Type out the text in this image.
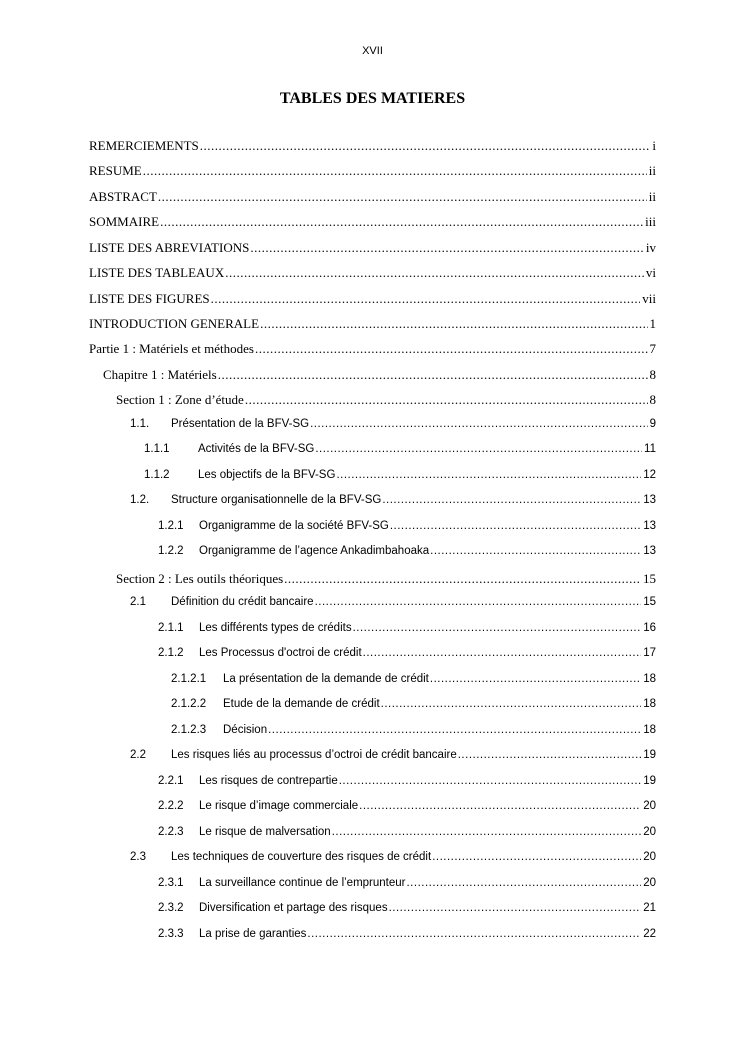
XVII
TABLES DES MATIERES
REMERCIEMENTS .....	i
RESUME .....	ii
ABSTRACT .....	ii
SOMMAIRE .....	iii
LISTE DES ABREVIATIONS .....	iv
LISTE DES TABLEAUX .....	vi
LISTE DES FIGURES .....	vii
INTRODUCTION GENERALE .....	1
Partie 1 : Matériels et méthodes .....	7
Chapitre 1 : Matériels .....	8
Section 1 : Zone d’étude .....	8
1.1.	Présentation de la BFV-SG .....	9
1.1.1	Activités de la BFV-SG .....	11
1.1.2	Les objectifs de la BFV-SG .....	12
1.2.	Structure organisationnelle de la BFV-SG .....	13
1.2.1	Organigramme de la société BFV-SG .....	13
1.2.2	Organigramme de l’agence Ankadimbahoaka .....	13
Section 2 : Les outils théoriques .....	15
2.1	Définition du crédit bancaire .....	15
2.1.1	Les différents types de crédits .....	16
2.1.2	Les Processus d'octroi de crédit .....	17
2.1.2.1	La présentation de la demande de crédit .....	18
2.1.2.2	Etude de la demande de crédit .....	18
2.1.2.3	Décision .....	18
2.2	Les risques liés au processus d’octroi de crédit bancaire .....	19
2.2.1	Les risques de contrepartie .....	19
2.2.2	Le risque d’image commerciale .....	20
2.2.3	Le risque de malversation .....	20
2.3	Les techniques de couverture des risques de crédit .....	20
2.3.1	La surveillance continue de l’emprunteur .....	20
2.3.2	Diversification et partage des risques .....	21
2.3.3	La prise de garanties .....	22
